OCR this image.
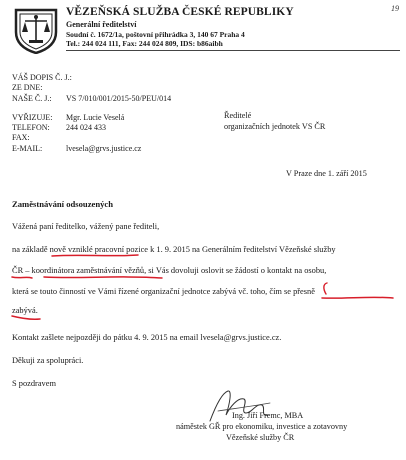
19
VĚZEŇSKÁ SLUŽBA ČESKÉ REPUBLIKY
Generální ředitelství
Soudní č. 1672/1a, poštovní přihrádka 3, 140 67 Praha 4
Tel.: 244 024 111, Fax: 244 024 809, IDS: b86aibh
VÁŠ DOPIS Č. J.:
ZE DNE:
NAŠE Č. J.: VS 7/010/001/2015-50/PEU/014
VYŘIZUJE: Mgr. Lucie Veselá
TELEFON: 244 024 433
FAX:
E-MAIL:	lvesela@grvs.justice.cz
Ředitelé
organizačních jednotek VS ČR
V Praze dne 1. září 2015
Zaměstnávání odsouzených
Vážená paní ředitelko, vážený pane řediteli,
na základě nově vzniklé pracovní pozice k 1. 9. 2015 na Generálním ředitelství Vězeňské služby
ČR – koordinátora zaměstnávání vězňů, si Vás dovoluji oslovit se žádostí o kontakt na osobu,
která se touto činností ve Vámi řízené organizační jednotce zabývá vč. toho, čím se přesně
zabývá.
Kontakt zašlete nejpozději do pátku 4. 9. 2015 na email lvesela@grvs.justice.cz.
Děkuji za spolupráci.
S pozdravem
Ing. Jiří Fremc, MBA
náměstek GŘ pro ekonomiku, investice a zotavovny
Vězeňské služby ČR
